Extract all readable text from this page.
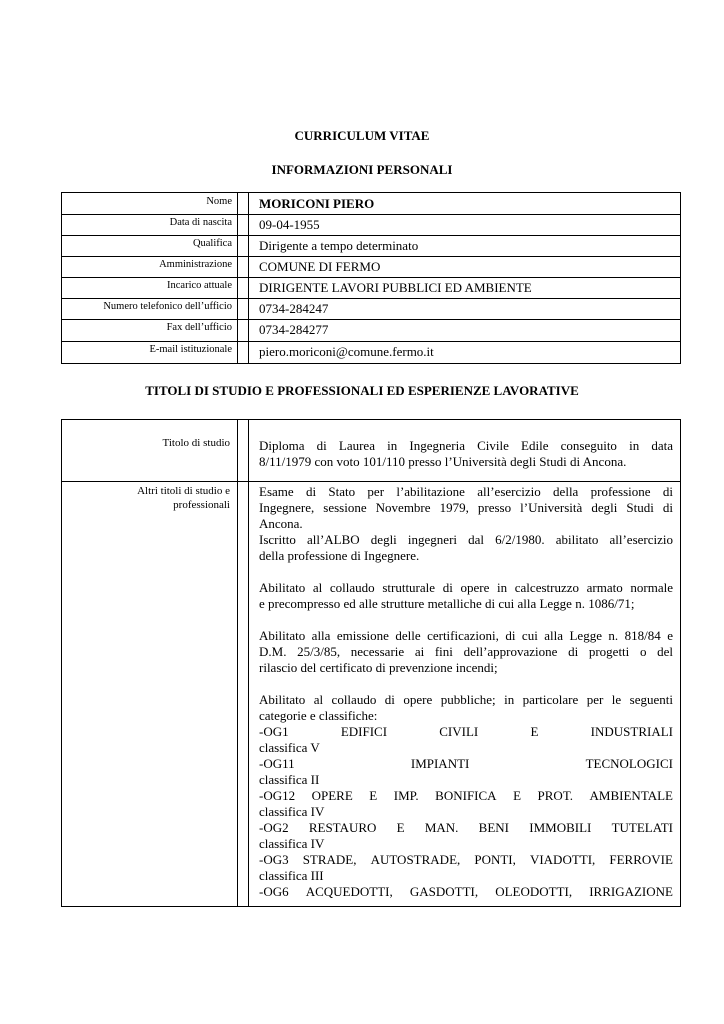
CURRICULUM VITAE
INFORMAZIONI PERSONALI
Nome MORICONI PIERO
Data di nascita 09-04-1955
Qualifica Dirigente a tempo determinato
Amministrazione COMUNE DI FERMO
Incarico attuale DIRIGENTE LAVORI PUBBLICI ED AMBIENTE
Numero telefonico dell’ufficio 0734-284247
Fax dell’ufficio 0734-284277
E-mail istituzionale piero.moriconi@comune.fermo.it
TITOLI DI STUDIO E PROFESSIONALI ED ESPERIENZE LAVORATIVE
Titolo di studio Diploma di Laurea in Ingegneria Civile Edile conseguito in data
8/11/1979 con voto 101/110 presso l’Università degli Studi di Ancona.
Altri titoli di studio e
professionali
Esame di Stato per l’abilitazione all’esercizio della professione di
Ingegnere, sessione Novembre 1979, presso l’Università degli Studi di
Ancona.
Iscritto all’ALBO degli ingegneri dal 6/2/1980. abilitato all’esercizio
della professione di Ingegnere.
Abilitato al collaudo strutturale di opere in calcestruzzo armato normale
e precompresso ed alle strutture metalliche di cui alla Legge n. 1086/71;
Abilitato alla emissione delle certificazioni, di cui alla Legge n. 818/84 e
D.M. 25/3/85, necessarie ai fini dell’approvazione di progetti o del
rilascio del certificato di prevenzione incendi;
Abilitato al collaudo di opere pubbliche; in particolare per le seguenti
categorie e classifiche:
-OG1	EDIFICI	CIVILI	E	INDUSTRIALI
classifica V
-OG11	IMPIANTI	TECNOLOGICI
classifica II
-OG12 OPERE E IMP. BONIFICA E PROT. AMBIENTALE
classifica IV
-OG2 RESTAURO E MAN. BENI IMMOBILI TUTELATI
classifica IV
-OG3 STRADE, AUTOSTRADE, PONTI, VIADOTTI, FERROVIE
classifica III
-OG6 ACQUEDOTTI, GASDOTTI, OLEODOTTI, IRRIGAZIONE
